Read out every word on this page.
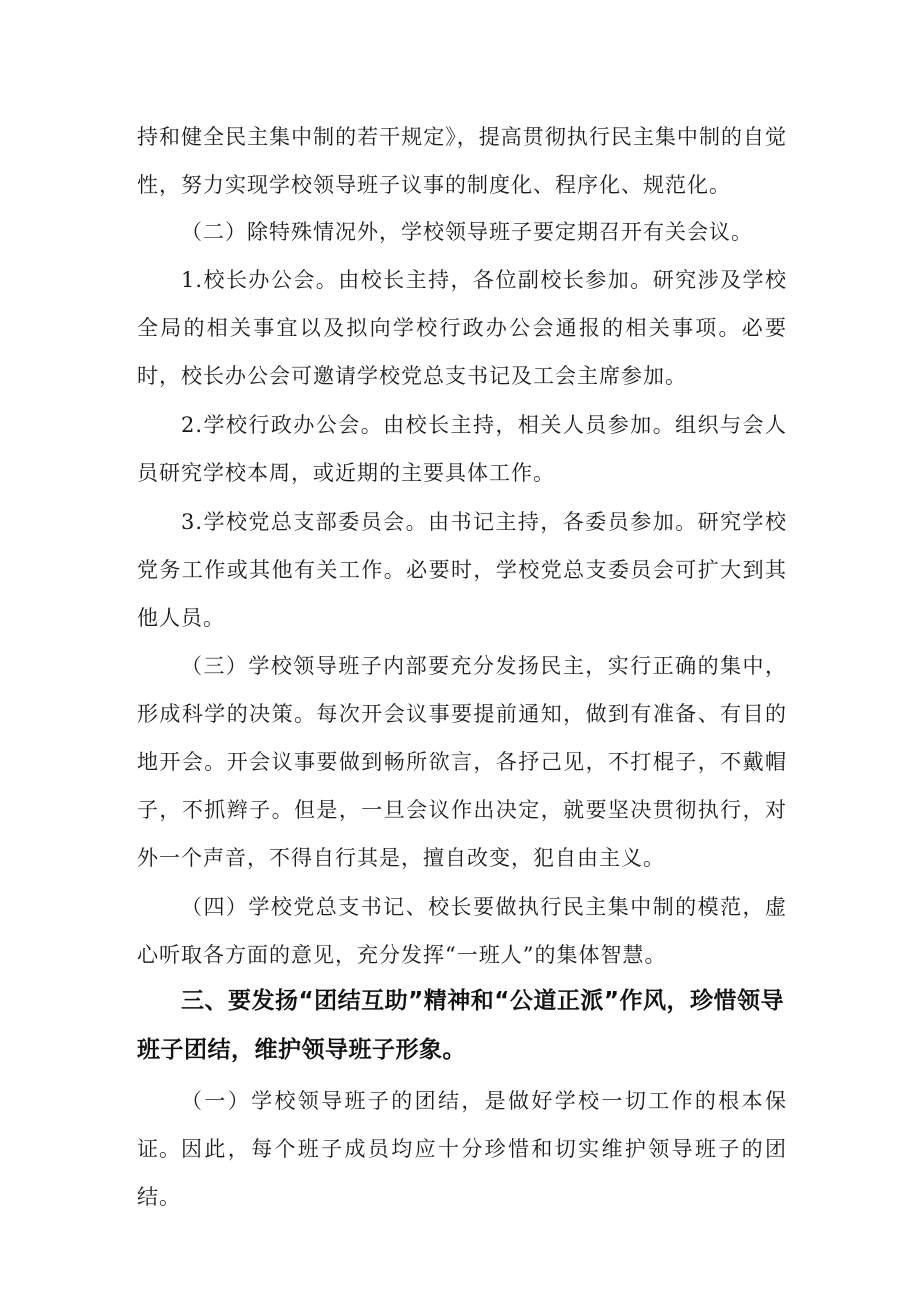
持和健全民主集中制的若干规定》，提高贯彻执行民主集中制的自觉性，努力实现学校领导班子议事的制度化、程序化、规范化。

（二）除特殊情况外，学校领导班子要定期召开有关会议。

1.校长办公会。由校长主持，各位副校长参加。研究涉及学校全局的相关事宜以及拟向学校行政办公会通报的相关事项。必要时，校长办公会可邀请学校党总支书记及工会主席参加。

2.学校行政办公会。由校长主持，相关人员参加。组织与会人员研究学校本周，或近期的主要具体工作。

3.学校党总支部委员会。由书记主持，各委员参加。研究学校党务工作或其他有关工作。必要时，学校党总支委员会可扩大到其他人员。

（三）学校领导班子内部要充分发扬民主，实行正确的集中，形成科学的决策。每次开会议事要提前通知，做到有准备、有目的地开会。开会议事要做到畅所欲言，各抒己见，不打棍子，不戴帽子，不抓辫子。但是，一旦会议作出决定，就要坚决贯彻执行，对外一个声音，不得自行其是，擅自改变，犯自由主义。

（四）学校党总支书记、校长要做执行民主集中制的模范，虚心听取各方面的意见，充分发挥“一班人”的集体智慧。

三、要发扬“团结互助”精神和“公道正派”作风，珍惜领导班子团结，维护领导班子形象。

（一）学校领导班子的团结，是做好学校一切工作的根本保证。 因此，每个班子成员均应十分珍惜和切实维护领导班子的团结。
